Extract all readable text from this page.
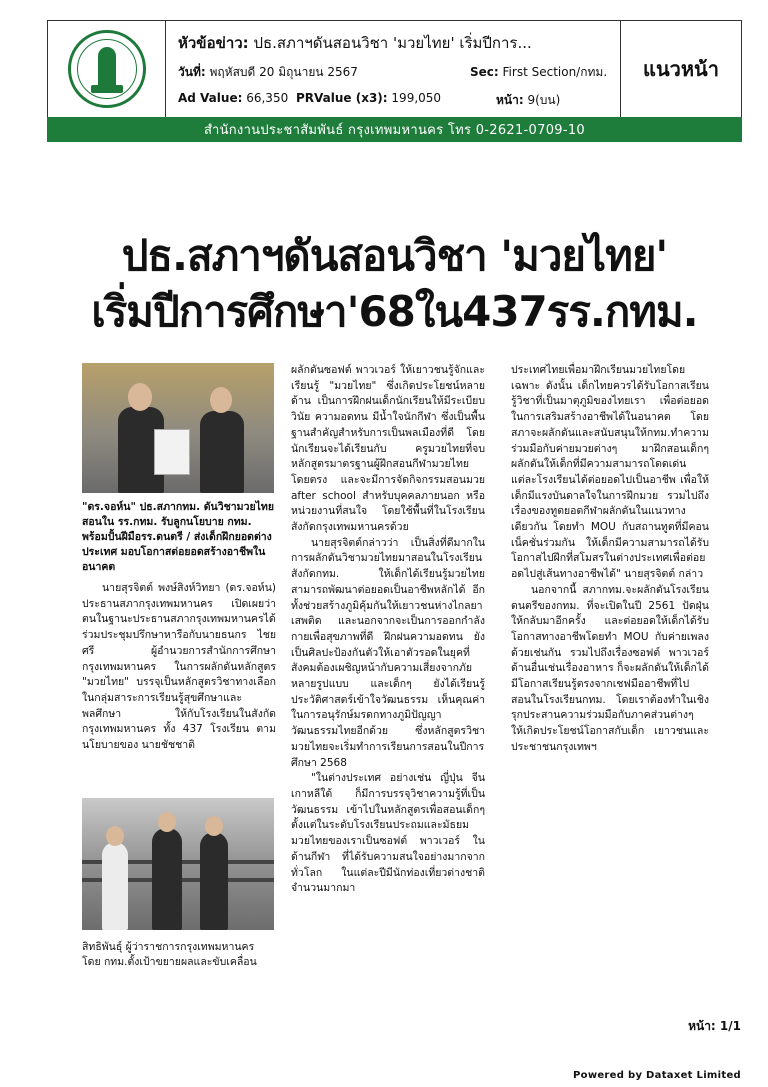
หัวข้อข่าว: ปธ.สภาฯดันสอนวิชา 'มวยไทย' เริ่มปีการ...
วันที่: พฤหัสบดี 20 มิถุนายน 2567	Sec: First Section/กทม.
Ad Value: 66,350 PRValue (x3): 199,050	หน้า: 9(บน)
แนวหน้า
สำนักงานประชาสัมพันธ์ กรุงเทพมหานคร โทร 0-2621-0709-10
ปธ.สภาฯดันสอนวิชา 'มวยไทย'
เริ่มปีการศึกษา'68ใน437รร.กทม.
"ดร.จอห์น" ปธ.สภากทม. ดันวิชามวยไทยสอนใน รร.กทม. รับลูกนโยบาย กทม. พร้อมปั้นฝีมือรร.ดนตรี / ส่งเด็กฝึกยอดต่างประเทศ มอบโอกาสต่อยอดสร้างอาชีพในอนาคต

นายสุรจิตต์ พงษ์สิงห์วิทยา (ดร.จอห์น) ประธานสภากรุงเทพมหานคร เปิดเผยว่า ตนในฐานะประธานสภากรุงเทพมหานครได้ร่วมประชุมปรึกษาหารือกับนายธนกร ไชยศรี ผู้อำนวยการสำนักการศึกษา กรุงเทพมหานคร ในการผลักดันหลักสูตร "มวยไทย" บรรจุเป็นหลักสูตรวิชาทางเลือกในกลุ่มสาระการเรียนรู้สุขศึกษาและพลศึกษา ให้กับโรงเรียนในสังกัดกรุงเทพมหานคร ทั้ง 437 โรงเรียน ตามนโยบายของ นายชัชชาติ

สิทธิพันธุ์ ผู้ว่าราชการกรุงเทพมหานคร โดย กทม.ตั้งเป้าขยายผลและขับเคลื่อน

ผลักดันซอฟต์ พาวเวอร์ ให้เยาวชนรู้จักและเรียนรู้ "มวยไทย" ซึ่งเกิดประโยชน์หลายด้าน เป็นการฝึกฝนเด็กนักเรียนให้มีระเบียบวินัย ความอดทน มีน้ำใจนักกีฬา ซึ่งเป็นพื้นฐานสำคัญสำหรับการเป็นพลเมืองที่ดี โดยนักเรียนจะได้เรียนกับ ครูมวยไทยที่จบหลักสูตรมาตรฐานผู้ฝึกสอนกีฬามวยไทยโดยตรง และจะมีการจัดกิจกรรมสอนมวย after school สำหรับบุคคลภายนอก หรือหน่วยงานที่สนใจ โดยใช้พื้นที่ในโรงเรียนสังกัดกรุงเทพมหานครด้วย

นายสุรจิตต์กล่าวว่า เป็นสิ่งที่ดีมากในการผลักดันวิชามวยไทยมาสอนในโรงเรียนสังกัดกทม. ให้เด็กได้เรียนรู้มวยไทย สามารถพัฒนาต่อยอดเป็นอาชีพหลักได้ อีกทั้งช่วยสร้างภูมิคุ้มกันให้เยาวชนห่างไกลยาเสพติด และนอกจากจะเป็นการออกกำลังกายเพื่อสุขภาพที่ดี ฝึกฝนความอดทน ยังเป็นศิลปะป้องกันตัวให้เอาตัวรอดในยุคที่สังคมต้องเผชิญหน้ากับความเสี่ยงจากภัยหลายรูปแบบ และเด็กๆ ยังได้เรียนรู้ประวัติศาสตร์เข้าใจวัฒนธรรม เห็นคุณค่าในการอนุรักษ์มรดกทางภูมิปัญญาวัฒนธรรมไทยอีกด้วย ซึ่งหลักสูตรวิชามวยไทยจะเริ่มทำการเรียนการสอนในปีการศึกษา 2568

"ในต่างประเทศ อย่างเช่น ญี่ปุ่น จีน เกาหลีใต้ ก็มีการบรรจุวิชาความรู้ที่เป็นวัฒนธรรม เข้าไปในหลักสูตรเพื่อสอนเด็กๆ ตั้งแต่ในระดับโรงเรียนประถมและมัธยม มวยไทยของเราเป็นซอฟต์ พาวเวอร์ ในด้านกีฬา ที่ได้รับความสนใจอย่างมากจากทั่วโลก ในแต่ละปีมีนักท่องเที่ยวต่างชาติจำนวนมากมา

ประเทศไทยเพื่อมาฝึกเรียนมวยไทยโดยเฉพาะ ดังนั้น เด็กไทยควรได้รับโอกาสเรียนรู้วิชาที่เป็นมาตุภูมิของไทยเรา เพื่อต่อยอดในการเสริมสร้างอาชีพได้ในอนาคต โดยสภาจะผลักดันและสนับสนุนให้กทม.ทำความร่วมมือกับค่ายมวยต่างๆ มาฝึกสอนเด็กๆ ผลักดันให้เด็กที่มีความสามารถโดดเด่นแต่ละโรงเรียนได้ต่อยอดไปเป็นอาชีพ เพื่อให้เด็กมีแรงบันดาลใจในการฝึกมวย รวมไปถึงเรื่องของทูตยอดกีฬาผลักดันในแนวทางเดียวกัน โดยทำ MOU กับสถานทูตที่มีคอนเน็คชั่นร่วมกัน ให้เด็กมีความสามารถได้รับโอกาสไปฝึกที่สโมสรในต่างประเทศเพื่อต่อยอดไปสู่เส้นทางอาชีพได้" นายสุรจิตต์ กล่าว

นอกจากนี้ สภากทม.จะผลักดันโรงเรียนดนตรีของกทม. ที่จะเปิดในปี 2561 ปัดฝุ่นให้กลับมาอีกครั้ง และต่อยอดให้เด็กได้รับโอกาสทางอาชีพโดยทำ MOU กับค่ายเพลงด้วยเช่นกัน รวมไปถึงเรื่องซอฟต์ พาวเวอร์ ด้านอื่นเช่นเรื่องอาหาร ก็จะผลักดันให้เด็กได้มีโอกาสเรียนรู้ตรงจากเชฟมืออาชีพที่ไปสอนในโรงเรียนกทม. โดยเราต้องทำในเชิงรุกประสานความร่วมมือกับภาคส่วนต่างๆ ให้เกิดประโยชน์โอกาสกับเด็ก เยาวชนและประชาชนกรุงเทพฯ

หน้า: 1/1
Powered by Dataxet Limited
